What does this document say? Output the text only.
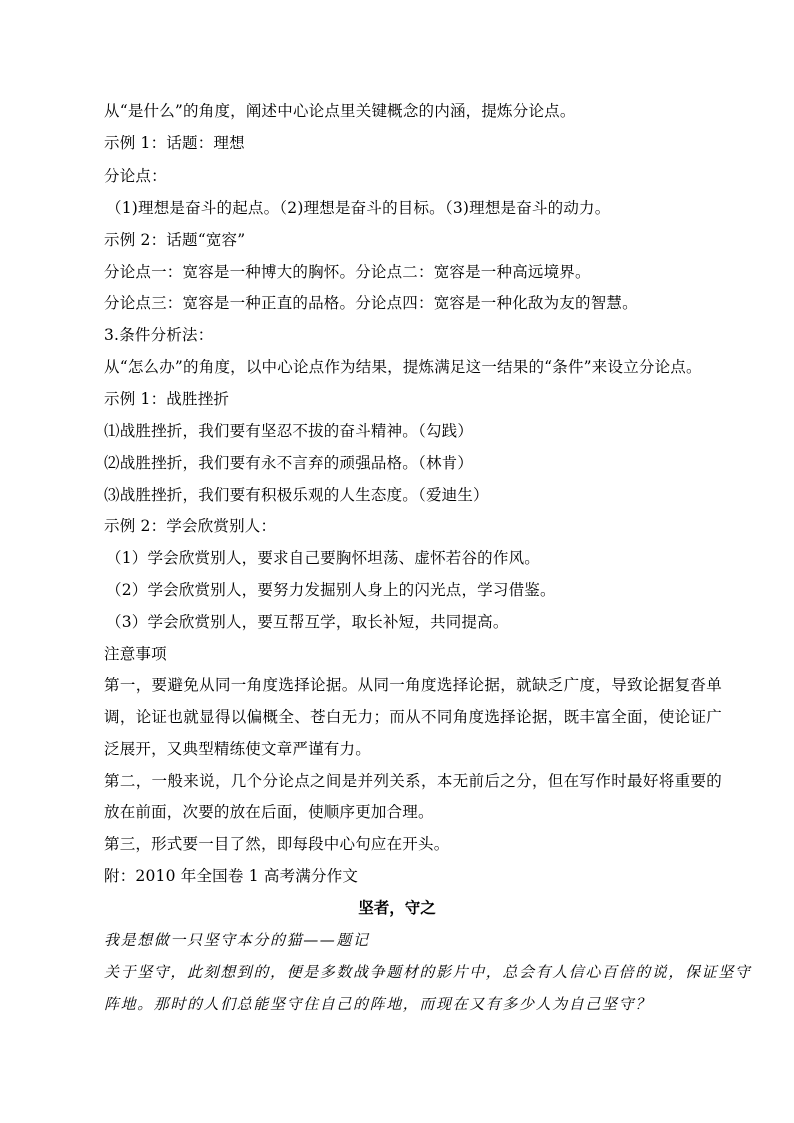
从“是什么”的角度，阐述中心论点里关键概念的内涵，提炼分论点。
示例 1：话题：理想
分论点：
（1)理想是奋斗的起点。（2)理想是奋斗的目标。（3)理想是奋斗的动力。
示例 2：话题“宽容”
分论点一：宽容是一种博大的胸怀。分论点二：宽容是一种高远境界。
分论点三：宽容是一种正直的品格。分论点四：宽容是一种化敌为友的智慧。
3.条件分析法：
从“怎么办”的角度，以中心论点作为结果，提炼满足这一结果的“条件”来设立分论点。
示例 1：战胜挫折
⑴战胜挫折，我们要有坚忍不拔的奋斗精神。（勾践）
⑵战胜挫折，我们要有永不言弃的顽强品格。（林肯）
⑶战胜挫折，我们要有积极乐观的人生态度。（爱迪生）
示例 2：学会欣赏别人：
（1）学会欣赏别人，要求自己要胸怀坦荡、虚怀若谷的作风。
（2）学会欣赏别人，要努力发掘别人身上的闪光点，学习借鉴。
（3）学会欣赏别人，要互帮互学，取长补短，共同提高。
注意事项
第一，要避免从同一角度选择论据。从同一角度选择论据，就缺乏广度，导致论据复沓单
调，论证也就显得以偏概全、苍白无力；而从不同角度选择论据，既丰富全面，使论证广
泛展开，又典型精练使文章严谨有力。
第二，一般来说，几个分论点之间是并列关系，本无前后之分，但在写作时最好将重要的
放在前面，次要的放在后面，使顺序更加合理。
第三，形式要一目了然，即每段中心句应在开头。
附：2010 年全国卷 1 高考满分作文
坚者，守之
我是想做一只坚守本分的猫——题记
关于坚守，此刻想到的，便是多数战争题材的影片中，总会有人信心百倍的说，保证坚守
阵地。那时的人们总能坚守住自己的阵地，而现在又有多少人为自己坚守？
